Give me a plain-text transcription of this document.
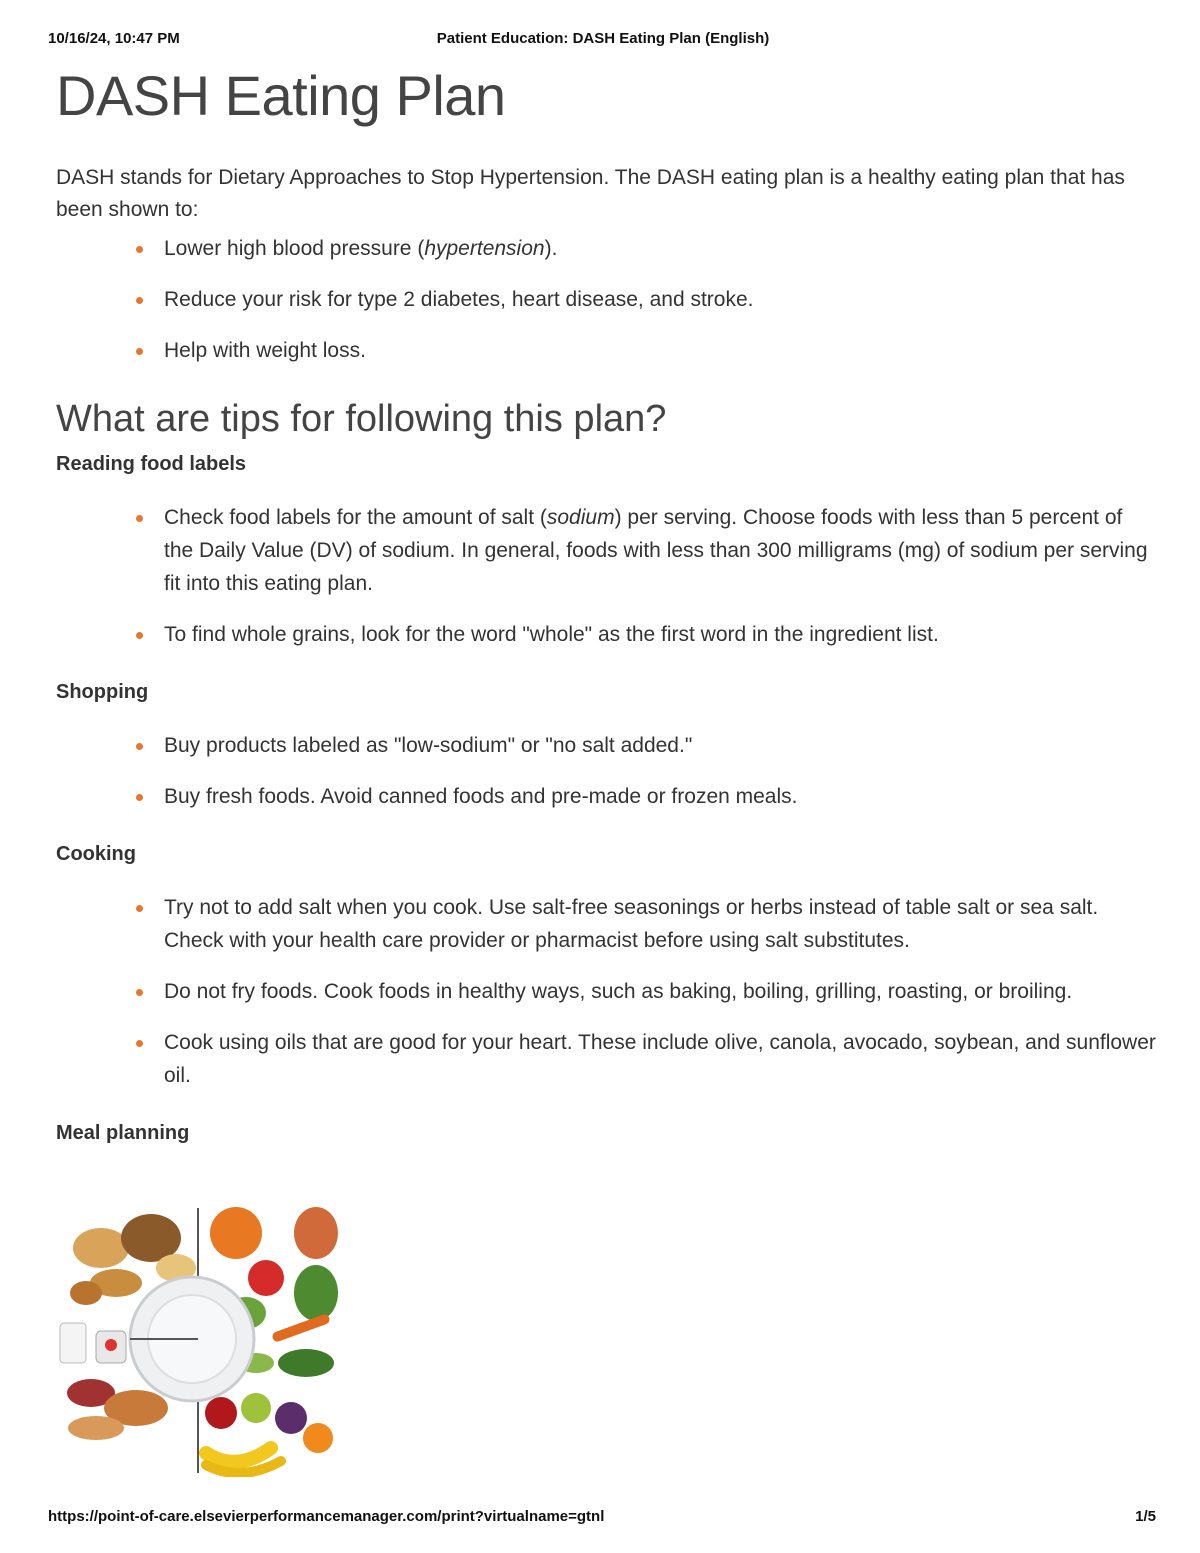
10/16/24, 10:47 PM	Patient Education: DASH Eating Plan (English)
DASH Eating Plan

DASH stands for Dietary Approaches to Stop Hypertension. The DASH eating plan is a healthy eating plan that has been shown to:

Lower high blood pressure (hypertension).
Reduce your risk for type 2 diabetes, heart disease, and stroke.
Help with weight loss.
What are tips for following this plan?
Reading food labels
Check food labels for the amount of salt (sodium) per serving. Choose foods with less than 5 percent of the Daily Value (DV) of sodium. In general, foods with less than 300 milligrams (mg) of sodium per serving fit into this eating plan.
To find whole grains, look for the word "whole" as the first word in the ingredient list.
Shopping
Buy products labeled as "low-sodium" or "no salt added."
Buy fresh foods. Avoid canned foods and pre-made or frozen meals.
Cooking
Try not to add salt when you cook. Use salt-free seasonings or herbs instead of table salt or sea salt. Check with your health care provider or pharmacist before using salt substitutes.
Do not fry foods. Cook foods in healthy ways, such as baking, boiling, grilling, roasting, or broiling.
Cook using oils that are good for your heart. These include olive, canola, avocado, soybean, and sunflower oil.
Meal planning
https://point-of-care.elsevierperformancemanager.com/print?virtualname=gtnl	1/5
